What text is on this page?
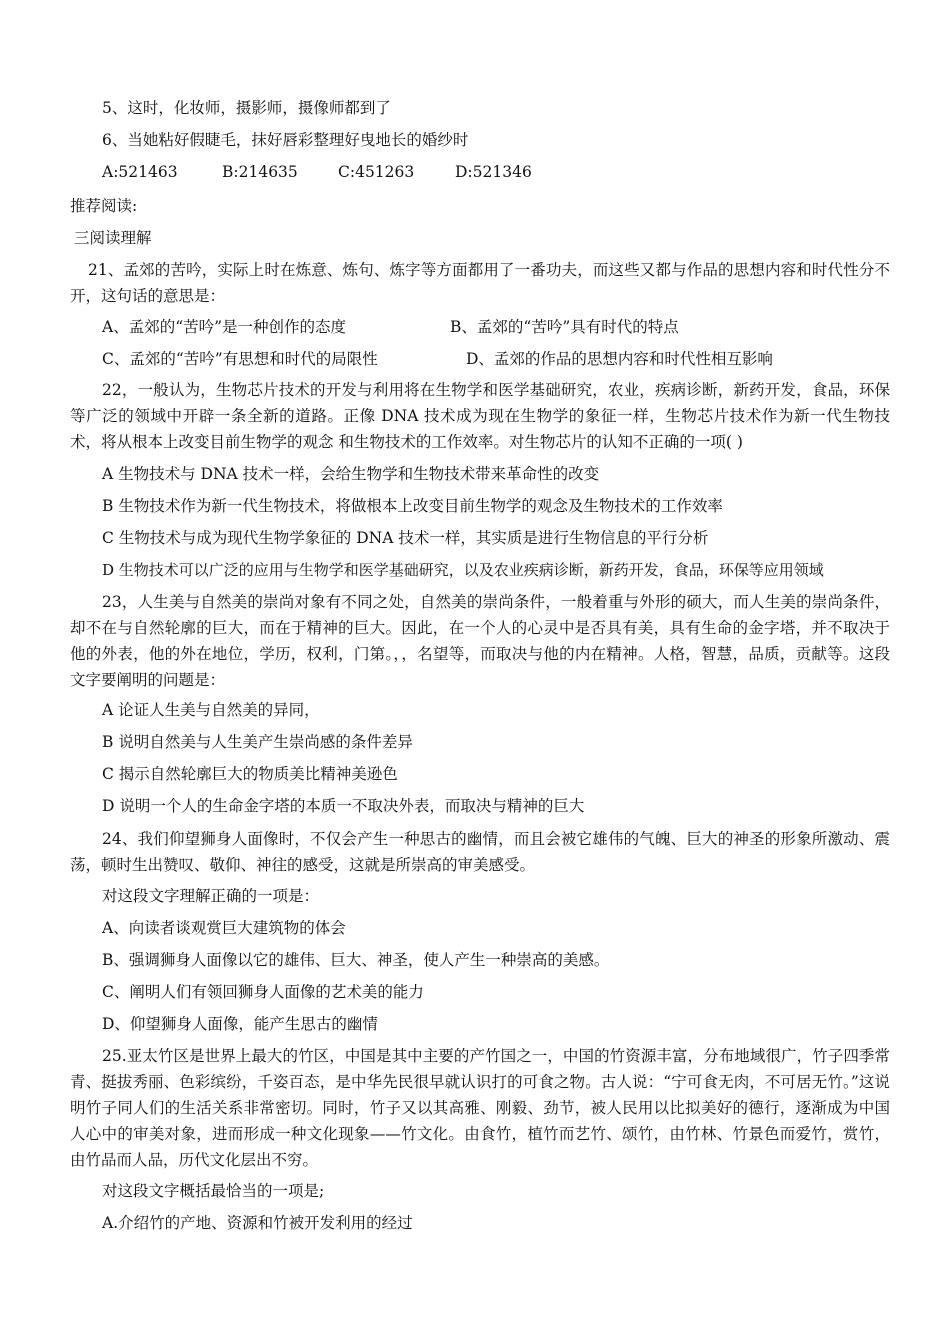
5、这时，化妆师，摄影师，摄像师都到了
6、当她粘好假睫毛，抹好唇彩整理好曳地长的婚纱时
A:521463	B:214635	C:451263	D:521346
推荐阅读:
三阅读理解
21、孟郊的苦吟，实际上时在炼意、炼句、炼字等方面都用了一番功夫，而这些又都与作品的思想内容和时代性分不开，这句话的意思是：
A、孟郊的“苦吟”是一种创作的态度	B、孟郊的“苦吟”具有时代的特点
C、孟郊的“苦吟”有思想和时代的局限性	D、孟郊的作品的思想内容和时代性相互影响
22，一般认为，生物芯片技术的开发与利用将在生物学和医学基础研究，农业，疾病诊断，新药开发，食品，环保等广泛的领域中开辟一条全新的道路。正像 DNA 技术成为现在生物学的象征一样，生物芯片技术作为新一代生物技术，将从根本上改变目前生物学的观念 和生物技术的工作效率。对生物芯片的认知不正确的一项( )
A 生物技术与 DNA 技术一样，会给生物学和生物技术带来革命性的改变
B 生物技术作为新一代生物技术，将做根本上改变目前生物学的观念及生物技术的工作效率
C 生物技术与成为现代生物学象征的 DNA 技术一样，其实质是进行生物信息的平行分析
D 生物技术可以广泛的应用与生物学和医学基础研究，以及农业疾病诊断，新药开发，食品，环保等应用领域
23，人生美与自然美的崇尚对象有不同之处，自然美的崇尚条件，一般着重与外形的硕大，而人生美的崇尚条件，却不在与自然轮廓的巨大，而在于精神的巨大。因此，在一个人的心灵中是否具有美，具有生命的金字塔，并不取决于他的外表，他的外在地位，学历，权利，门第。，，名望等，而取决与他的内在精神。人格，智慧，品质，贡献等。这段文字要阐明的问题是：
A 论证人生美与自然美的异同，
B 说明自然美与人生美产生崇尚感的条件差异
C 揭示自然轮廓巨大的物质美比精神美逊色
D 说明一个人的生命金字塔的本质一不取决外表，而取决与精神的巨大
24、我们仰望狮身人面像时，不仅会产生一种思古的幽情，而且会被它雄伟的气魄、巨大的神圣的形象所激动、震荡，顿时生出赞叹、敬仰、神往的感受，这就是所崇高的审美感受。
对这段文字理解正确的一项是：
A、向读者谈观赏巨大建筑物的体会
B、强调狮身人面像以它的雄伟、巨大、神圣，使人产生一种崇高的美感。
C、阐明人们有领回狮身人面像的艺术美的能力
D、仰望狮身人面像，能产生思古的幽情
25.亚太竹区是世界上最大的竹区，中国是其中主要的产竹国之一，中国的竹资源丰富，分布地域很广，竹子四季常青、挺拔秀丽、色彩缤纷，千姿百态，是中华先民很早就认识打的可食之物。古人说：“宁可食无肉，不可居无竹。”这说明竹子同人们的生活关系非常密切。同时，竹子又以其高雅、刚毅、劲节，被人民用以比拟美好的德行，逐渐成为中国人心中的审美对象，进而形成一种文化现象——竹文化。由食竹，植竹而艺竹、颂竹，由竹林、竹景色而爱竹，赏竹，由竹品而人品，历代文化层出不穷。
对这段文字概括最恰当的一项是;
A.介绍竹的产地、资源和竹被开发利用的经过
